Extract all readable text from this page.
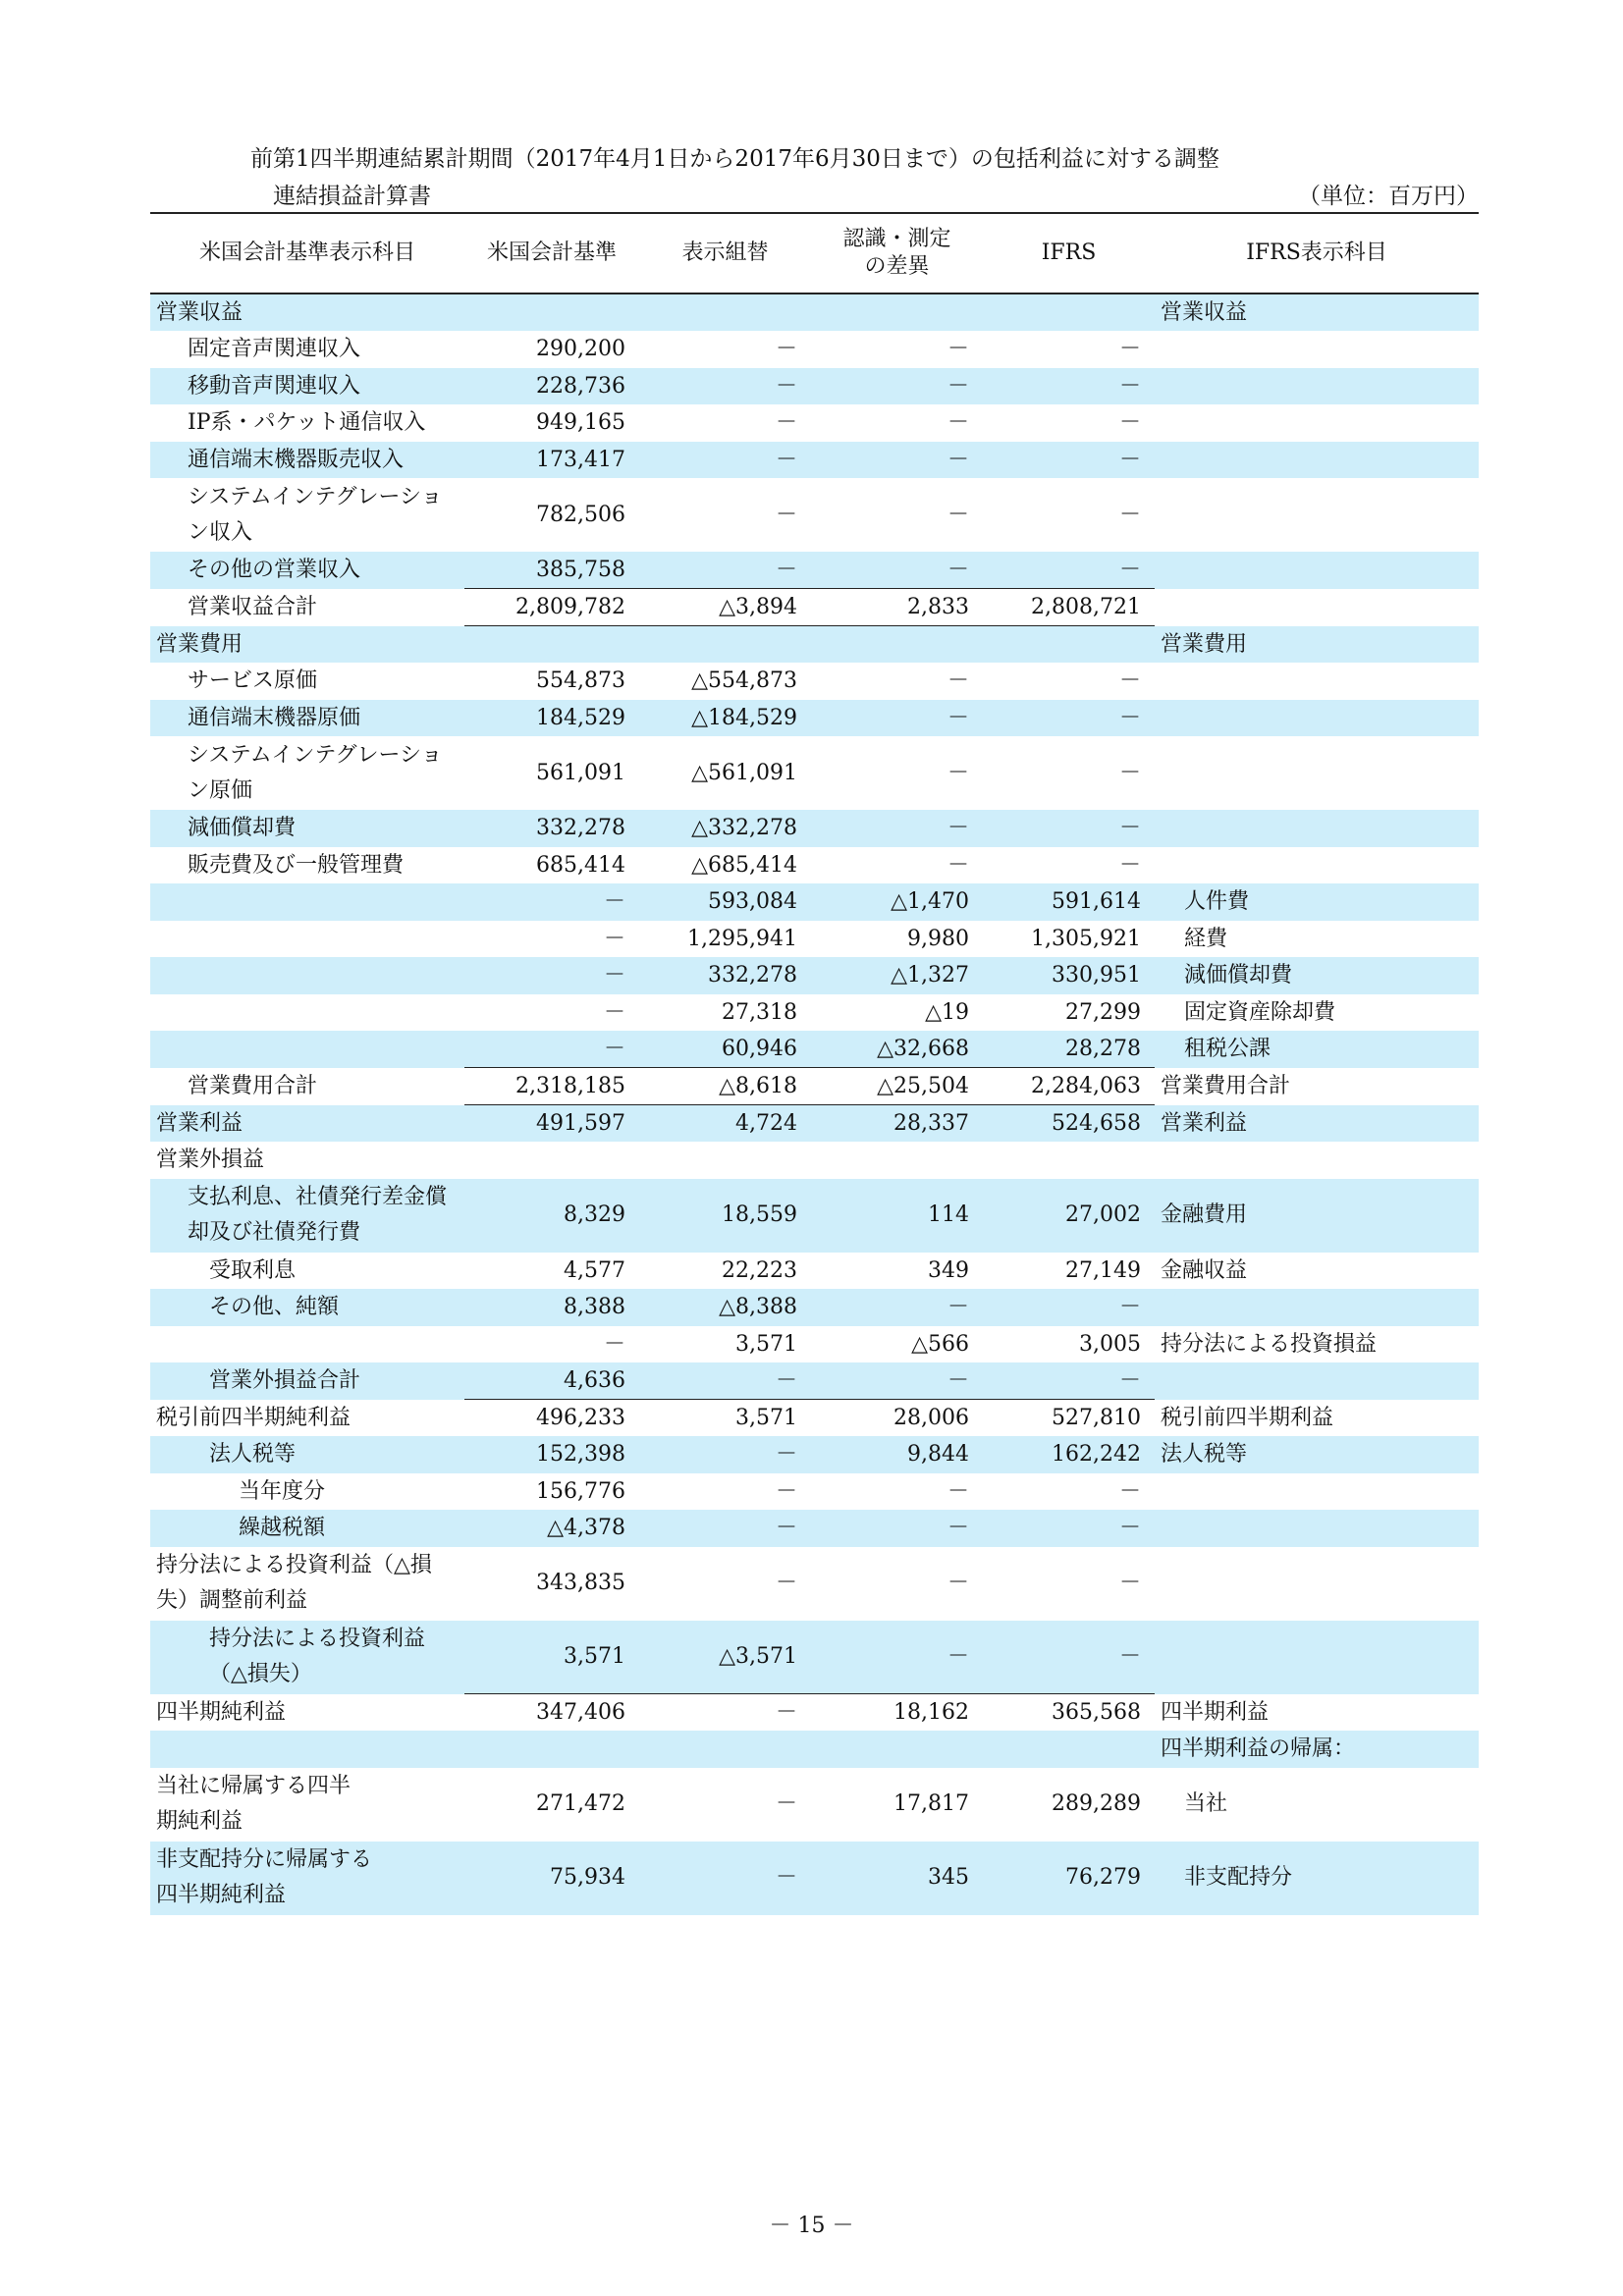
前第1四半期連結累計期間（2017年4月1日から2017年6月30日まで）の包括利益に対する調整
連結損益計算書	（単位：百万円）
米国会計基準表示科目	米国会計基準	表示組替	認識・測定の差異	IFRS	IFRS表示科目
営業収益					営業収益
固定音声関連収入	290,200	－	－	－	
移動音声関連収入	228,736	－	－	－	
IP系・パケット通信収入	949,165	－	－	－	
通信端末機器販売収入	173,417	－	－	－	
システムインテグレーション収入	782,506	－	－	－	
その他の営業収入	385,758	－	－	－	
営業収益合計	2,809,782	△3,894	2,833	2,808,721	
営業費用					営業費用
サービス原価	554,873	△554,873	－	－	
通信端末機器原価	184,529	△184,529	－	－	
システムインテグレーション原価	561,091	△561,091	－	－	
減価償却費	332,278	△332,278	－	－	
販売費及び一般管理費	685,414	△685,414	－	－	
	－	593,084	△1,470	591,614	人件費
	－	1,295,941	9,980	1,305,921	経費
	－	332,278	△1,327	330,951	減価償却費
	－	27,318	△19	27,299	固定資産除却費
	－	60,946	△32,668	28,278	租税公課
営業費用合計	2,318,185	△8,618	△25,504	2,284,063	営業費用合計
営業利益	491,597	4,724	28,337	524,658	営業利益
営業外損益					
支払利息、社債発行差金償却及び社債発行費	8,329	18,559	114	27,002	金融費用
受取利息	4,577	22,223	349	27,149	金融収益
その他、純額	8,388	△8,388	－	－	
	－	3,571	△566	3,005	持分法による投資損益
営業外損益合計	4,636	－	－	－	
税引前四半期純利益	496,233	3,571	28,006	527,810	税引前四半期利益
法人税等	152,398	－	9,844	162,242	法人税等
当年度分	156,776	－	－	－	
繰越税額	△4,378	－	－	－	
持分法による投資利益（△損失）調整前利益	343,835	－	－	－	
持分法による投資利益（△損失）	3,571	△3,571	－	－	
四半期純利益	347,406	－	18,162	365,568	四半期利益
					四半期利益の帰属：
当社に帰属する四半期純利益	271,472	－	17,817	289,289	当社
非支配持分に帰属する四半期純利益	75,934	－	345	76,279	非支配持分
－ 15 －
